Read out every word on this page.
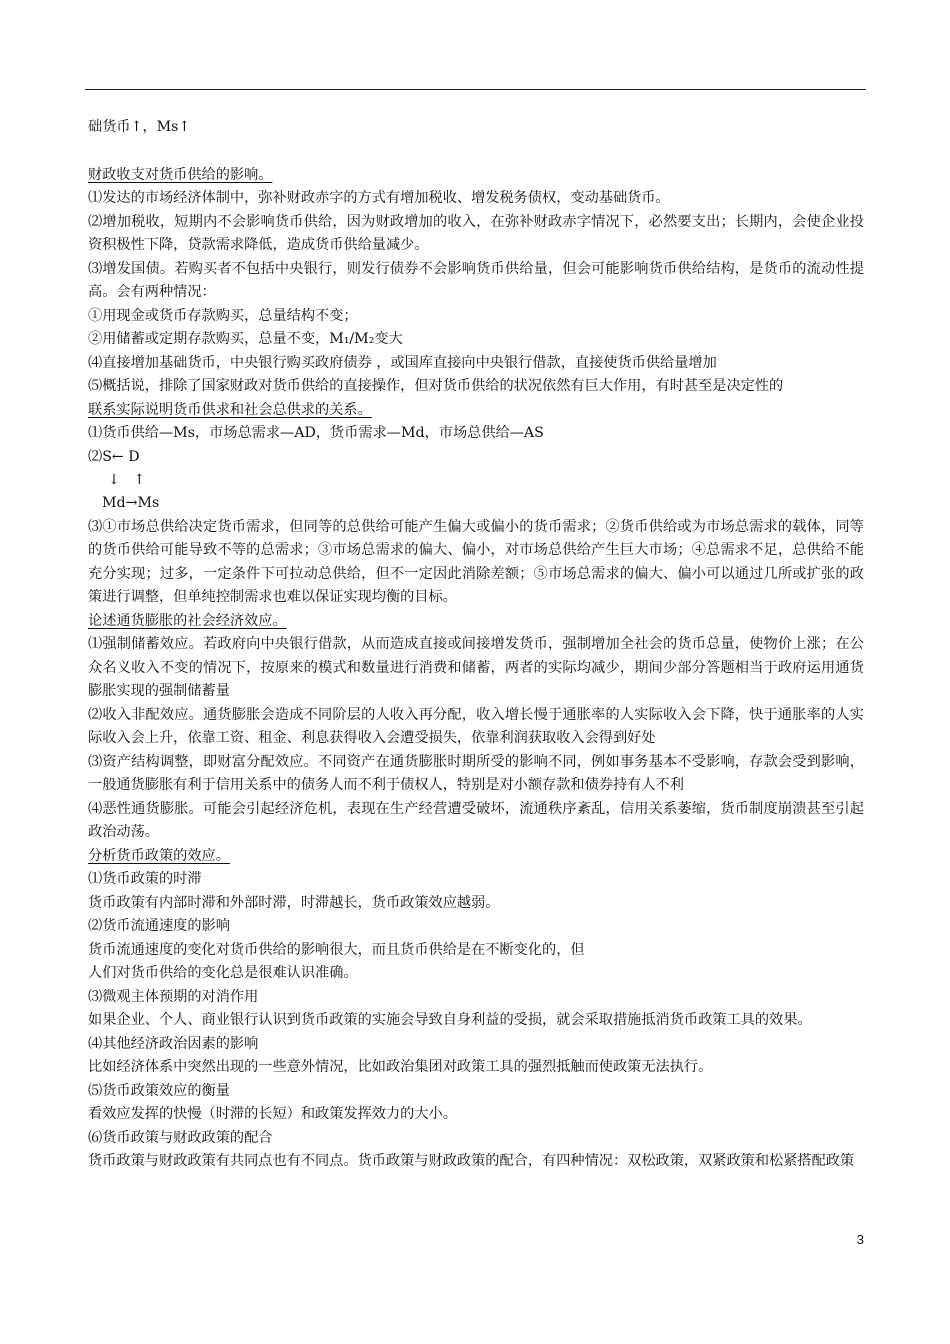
础货币↑，Ms↑

财政收支对货币供给的影响。

⑴发达的市场经济体制中，弥补财政赤字的方式有增加税收、增发税务债权，变动基础货币。

⑵增加税收，短期内不会影响货币供给，因为财政增加的收入，在弥补财政赤字情况下，必然要支出；长期内，会使企业投资积极性下降，贷款需求降低，造成货币供给量减少。

⑶增发国债。若购买者不包括中央银行，则发行债券不会影响货币供给量，但会可能影响货币供给结构，是货币的流动性提高。会有两种情况：

①用现金或货币存款购买，总量结构不变；

②用储蓄或定期存款购买，总量不变，M₁/M₂变大

⑷直接增加基础货币，中央银行购买政府债券 ，或国库直接向中央银行借款，直接使货币供给量增加

⑸概括说，排除了国家财政对货币供给的直接操作，但对货币供给的状况依然有巨大作用，有时甚至是决定性的

联系实际说明货币供求和社会总供求的关系。

⑴货币供给—Ms，市场总需求—AD，货币需求—Md，市场总供给—AS

⑵S← D
↓   ↑
Md→Ms

⑶①市场总供给决定货币需求，但同等的总供给可能产生偏大或偏小的货币需求；②货币供给或为市场总需求的载体，同等的货币供给可能导致不等的总需求；③市场总需求的偏大、偏小，对市场总供给产生巨大市场；④总需求不足，总供给不能充分实现；过多，一定条件下可拉动总供给，但不一定因此消除差额；⑤市场总需求的偏大、偏小可以通过几所或扩张的政策进行调整，但单纯控制需求也难以保证实现均衡的目标。

论述通货膨胀的社会经济效应。

⑴强制储蓄效应。若政府向中央银行借款，从而造成直接或间接增发货币，强制增加全社会的货币总量，使物价上涨；在公众名义收入不变的情况下，按原来的模式和数量进行消费和储蓄，两者的实际均减少，期间少部分答题相当于政府运用通货膨胀实现的强制储蓄量

⑵收入非配效应。通货膨胀会造成不同阶层的人收入再分配，收入增长慢于通胀率的人实际收入会下降，快于通胀率的人实际收入会上升，依靠工资、租金、利息获得收入会遭受损失，依靠利润获取收入会得到好处

⑶资产结构调整，即财富分配效应。不同资产在通货膨胀时期所受的影响不同，例如事务基本不受影响，存款会受到影响，一般通货膨胀有利于信用关系中的债务人而不利于债权人，特别是对小额存款和债券持有人不利

⑷恶性通货膨胀。可能会引起经济危机，表现在生产经营遭受破坏，流通秩序紊乱，信用关系萎缩，货币制度崩溃甚至引起政治动荡。

分析货币政策的效应。

⑴货币政策的时滞

货币政策有内部时滞和外部时滞，时滞越长，货币政策效应越弱。

⑵货币流通速度的影响

货币流通速度的变化对货币供给的影响很大，而且货币供给是在不断变化的，但

人们对货币供给的变化总是很难认识准确。

⑶微观主体预期的对消作用

如果企业、个人、商业银行认识到货币政策的实施会导致自身利益的受损，就会采取措施抵消货币政策工具的效果。

⑷其他经济政治因素的影响

比如经济体系中突然出现的一些意外情况，比如政治集团对政策工具的强烈抵触而使政策无法执行。

⑸货币政策效应的衡量

看效应发挥的快慢（时滞的长短）和政策发挥效力的大小。

⑹货币政策与财政政策的配合

货币政策与财政政策有共同点也有不同点。货币政策与财政政策的配合，有四种情况：双松政策，双紧政策和松紧搭配政策

3
